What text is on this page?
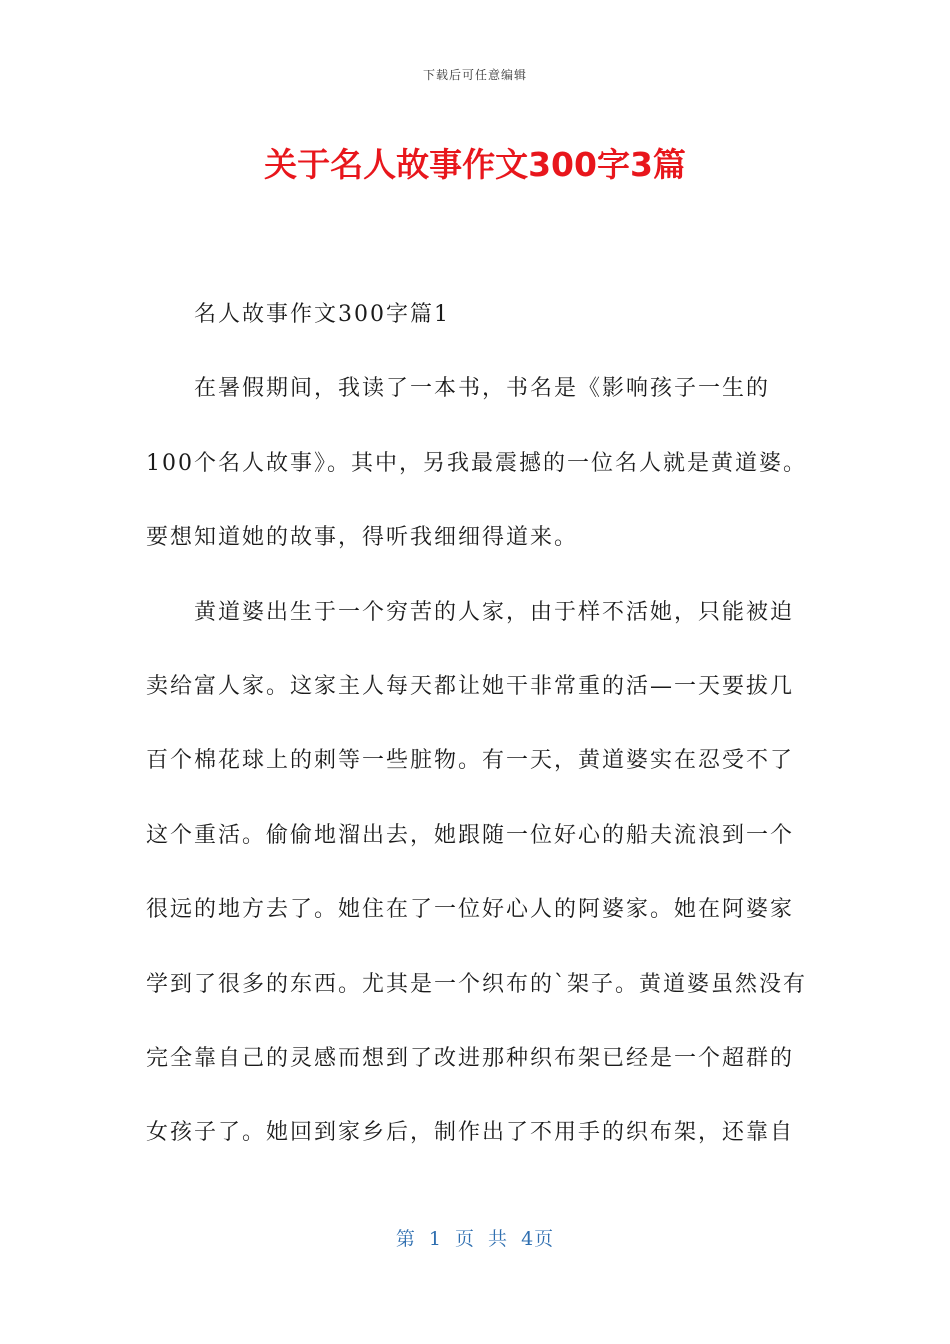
下载后可任意编辑
关于名人故事作文300字3篇
名人故事作文300字篇1
在暑假期间，我读了一本书，书名是《影响孩子一生的
100个名人故事》。其中，另我最震撼的一位名人就是黄道婆。
要想知道她的故事，得听我细细得道来。
黄道婆出生于一个穷苦的人家，由于样不活她，只能被迫
卖给富人家。这家主人每天都让她干非常重的活—一天要拔几
百个棉花球上的刺等一些脏物。有一天，黄道婆实在忍受不了
这个重活。偷偷地溜出去，她跟随一位好心的船夫流浪到一个
很远的地方去了。她住在了一位好心人的阿婆家。她在阿婆家
学到了很多的东西。尤其是一个织布的`架子。黄道婆虽然没有
完全靠自己的灵感而想到了改进那种织布架已经是一个超群的
女孩子了。她回到家乡后，制作出了不用手的织布架，还靠自
第 1 页 共 4页
